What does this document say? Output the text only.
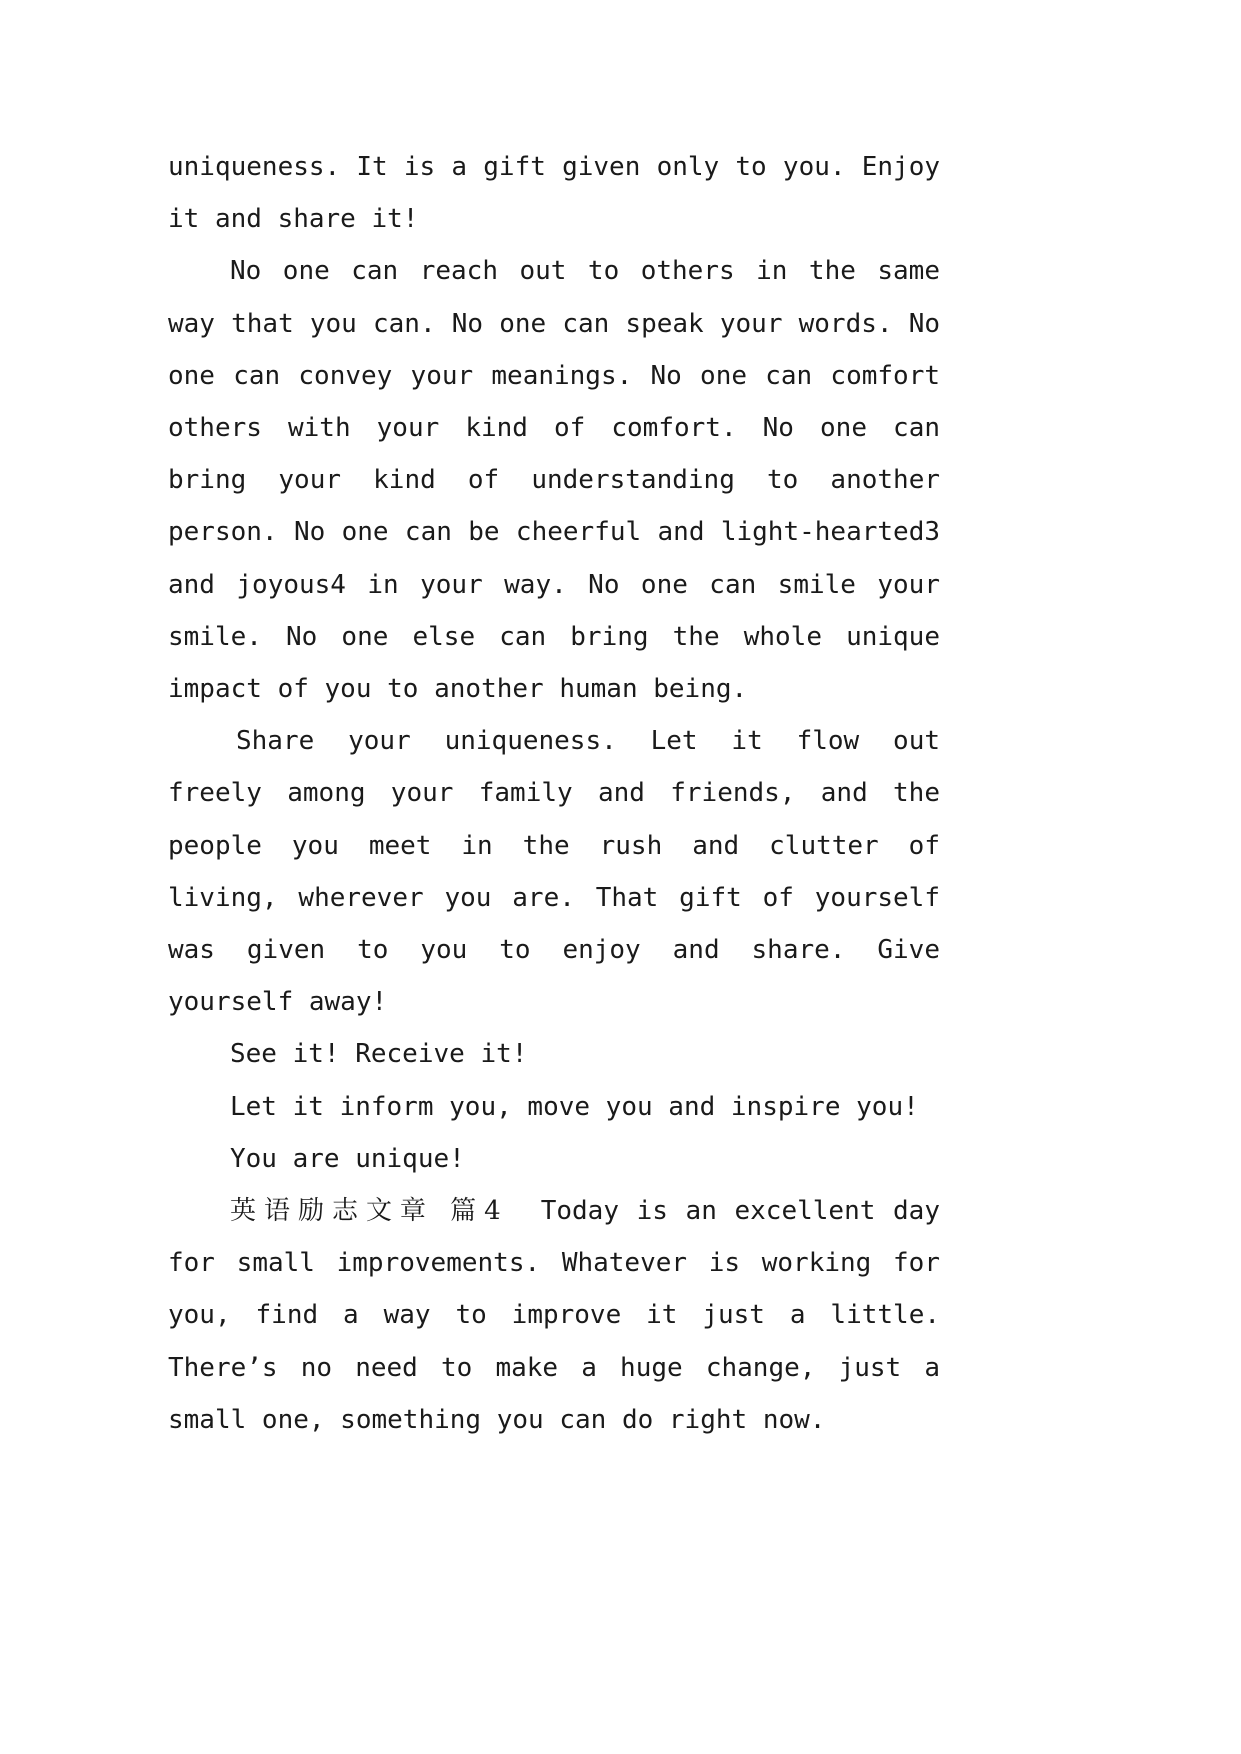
uniqueness. It is a gift given only to you. Enjoy it and share it!

No one can reach out to others in the same way that you can. No one can speak your words. No one can convey your meanings. No one can comfort others with your kind of comfort. No one can bring your kind of understanding to another person. No one can be cheerful and light-hearted3 and joyous4 in your way. No one can smile your smile. No one else can bring the whole unique impact of you to another human being.

Share your uniqueness. Let it flow out freely among your family and friends, and the people you meet in the rush and clutter of living, wherever you are. That gift of yourself was given to you to enjoy and share. Give yourself away!

See it! Receive it!

Let it inform you, move you and inspire you!

You are unique!

英语励志文章 篇4 Today is an excellent day for small improvements. Whatever is working for you, find a way to improve it just a little. There’s no need to make a huge change, just a small one, something you can do right now.
